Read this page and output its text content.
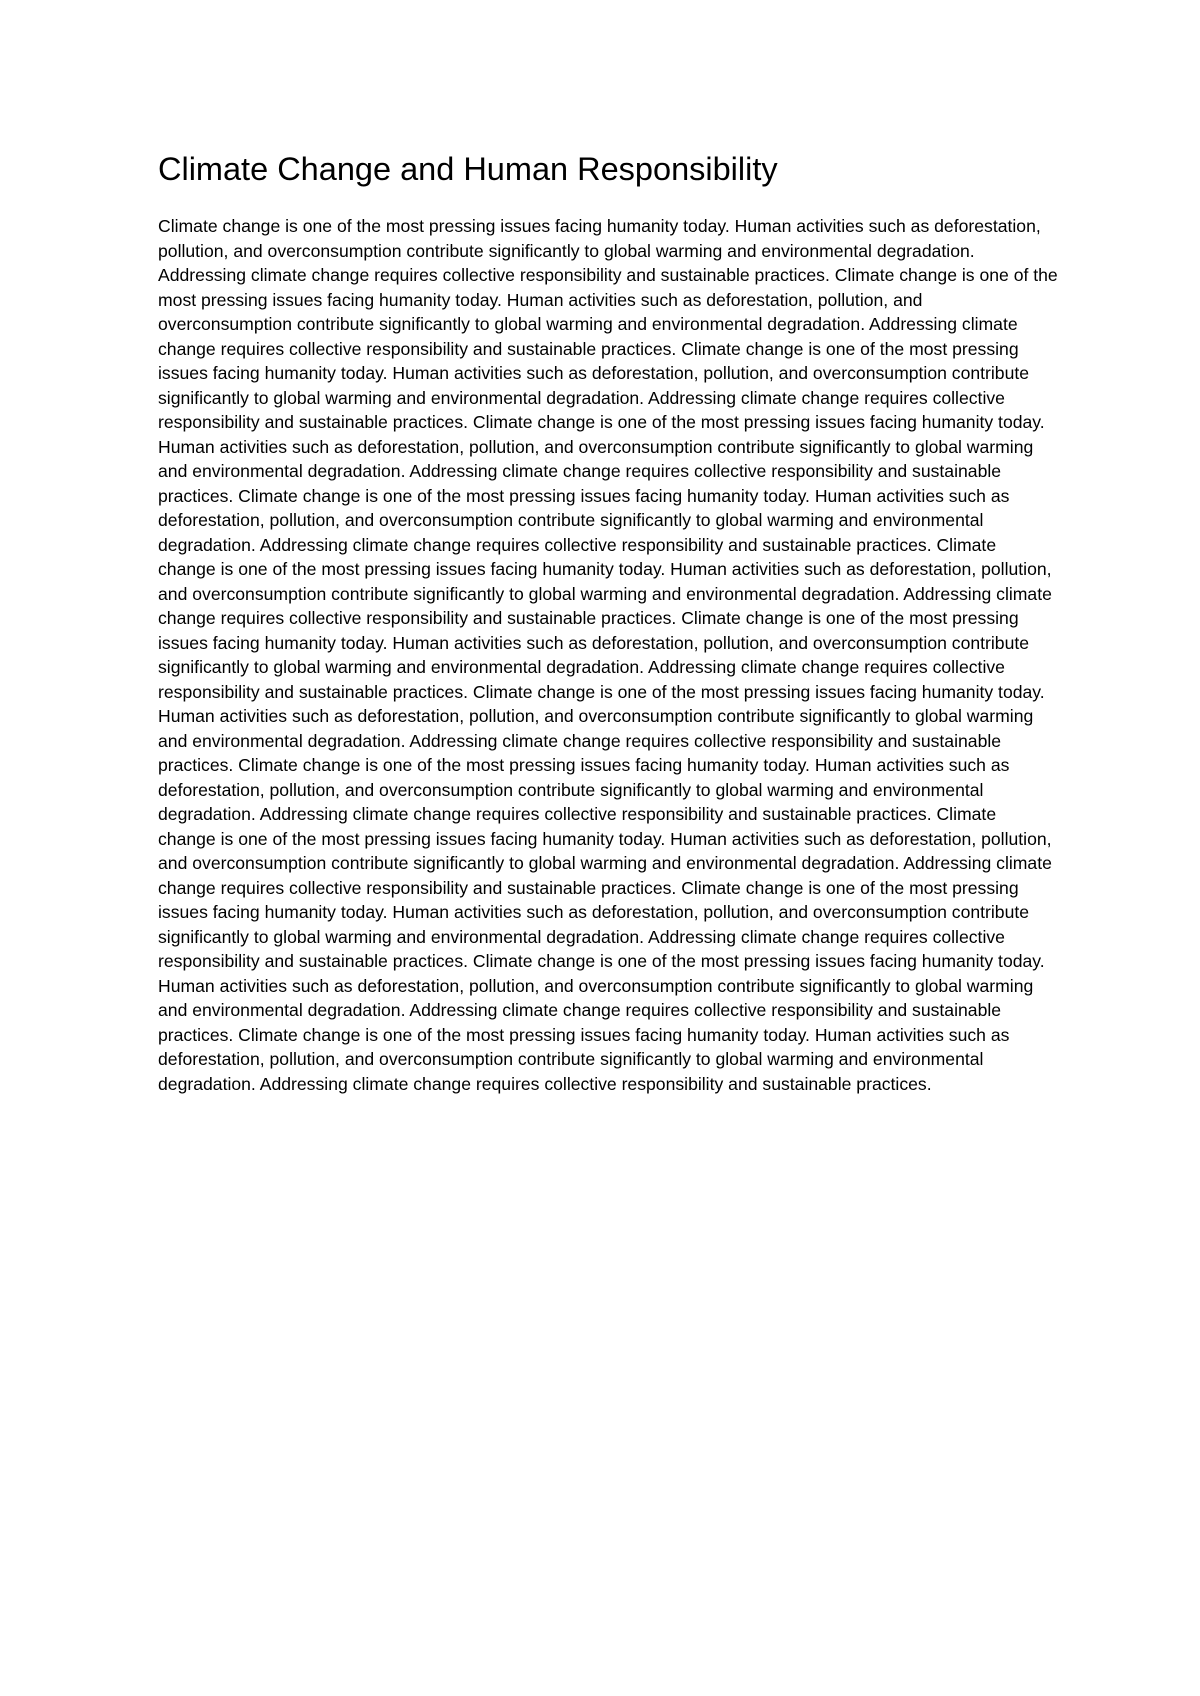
Climate Change and Human Responsibility

Climate change is one of the most pressing issues facing humanity today. Human activities such as deforestation, pollution, and overconsumption contribute significantly to global warming and environmental degradation. Addressing climate change requires collective responsibility and sustainable practices. Climate change is one of the most pressing issues facing humanity today. Human activities such as deforestation, pollution, and overconsumption contribute significantly to global warming and environmental degradation. Addressing climate change requires collective responsibility and sustainable practices. Climate change is one of the most pressing issues facing humanity today. Human activities such as deforestation, pollution, and overconsumption contribute significantly to global warming and environmental degradation. Addressing climate change requires collective responsibility and sustainable practices. Climate change is one of the most pressing issues facing humanity today. Human activities such as deforestation, pollution, and overconsumption contribute significantly to global warming and environmental degradation. Addressing climate change requires collective responsibility and sustainable practices. Climate change is one of the most pressing issues facing humanity today. Human activities such as deforestation, pollution, and overconsumption contribute significantly to global warming and environmental degradation. Addressing climate change requires collective responsibility and sustainable practices. Climate change is one of the most pressing issues facing humanity today. Human activities such as deforestation, pollution, and overconsumption contribute significantly to global warming and environmental degradation. Addressing climate change requires collective responsibility and sustainable practices. Climate change is one of the most pressing issues facing humanity today. Human activities such as deforestation, pollution, and overconsumption contribute significantly to global warming and environmental degradation. Addressing climate change requires collective responsibility and sustainable practices. Climate change is one of the most pressing issues facing humanity today. Human activities such as deforestation, pollution, and overconsumption contribute significantly to global warming and environmental degradation. Addressing climate change requires collective responsibility and sustainable practices. Climate change is one of the most pressing issues facing humanity today. Human activities such as deforestation, pollution, and overconsumption contribute significantly to global warming and environmental degradation. Addressing climate change requires collective responsibility and sustainable practices. Climate change is one of the most pressing issues facing humanity today. Human activities such as deforestation, pollution, and overconsumption contribute significantly to global warming and environmental degradation. Addressing climate change requires collective responsibility and sustainable practices. Climate change is one of the most pressing issues facing humanity today. Human activities such as deforestation, pollution, and overconsumption contribute significantly to global warming and environmental degradation. Addressing climate change requires collective responsibility and sustainable practices. Climate change is one of the most pressing issues facing humanity today. Human activities such as deforestation, pollution, and overconsumption contribute significantly to global warming and environmental degradation. Addressing climate change requires collective responsibility and sustainable practices. Climate change is one of the most pressing issues facing humanity today. Human activities such as deforestation, pollution, and overconsumption contribute significantly to global warming and environmental degradation. Addressing climate change requires collective responsibility and sustainable practices.
